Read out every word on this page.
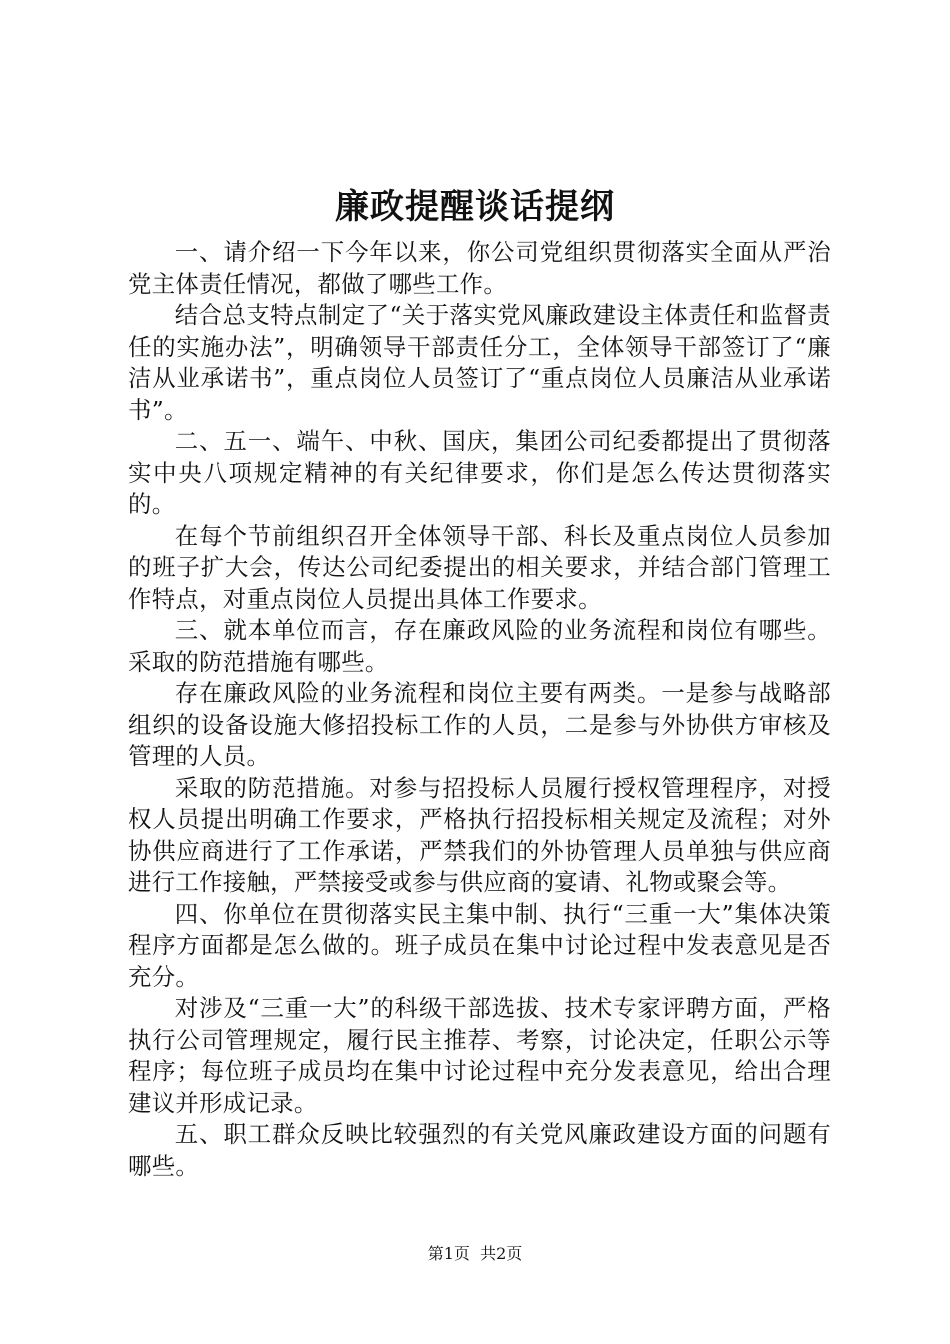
廉政提醒谈话提纲

一、请介绍一下今年以来，你公司党组织贯彻落实全面从严治党主体责任情况，都做了哪些工作。

结合总支特点制定了“关于落实党风廉政建设主体责任和监督责任的实施办法”，明确领导干部责任分工，全体领导干部签订了“廉洁从业承诺书”，重点岗位人员签订了“重点岗位人员廉洁从业承诺书”。

二、五一、端午、中秋、国庆，集团公司纪委都提出了贯彻落实中央八项规定精神的有关纪律要求，你们是怎么传达贯彻落实的。

在每个节前组织召开全体领导干部、科长及重点岗位人员参加的班子扩大会，传达公司纪委提出的相关要求，并结合部门管理工作特点，对重点岗位人员提出具体工作要求。

三、就本单位而言，存在廉政风险的业务流程和岗位有哪些。采取的防范措施有哪些。

存在廉政风险的业务流程和岗位主要有两类。一是参与战略部组织的设备设施大修招投标工作的人员，二是参与外协供方审核及管理的人员。

采取的防范措施。对参与招投标人员履行授权管理程序，对授权人员提出明确工作要求，严格执行招投标相关规定及流程；对外协供应商进行了工作承诺，严禁我们的外协管理人员单独与供应商进行工作接触，严禁接受或参与供应商的宴请、礼物或聚会等。

四、你单位在贯彻落实民主集中制、执行“三重一大”集体决策程序方面都是怎么做的。班子成员在集中讨论过程中发表意见是否充分。

对涉及“三重一大”的科级干部选拔、技术专家评聘方面，严格执行公司管理规定，履行民主推荐、考察，讨论决定，任职公示等程序；每位班子成员均在集中讨论过程中充分发表意见，给出合理建议并形成记录。

五、职工群众反映比较强烈的有关党风廉政建设方面的问题有哪些。

第1页 共2页
